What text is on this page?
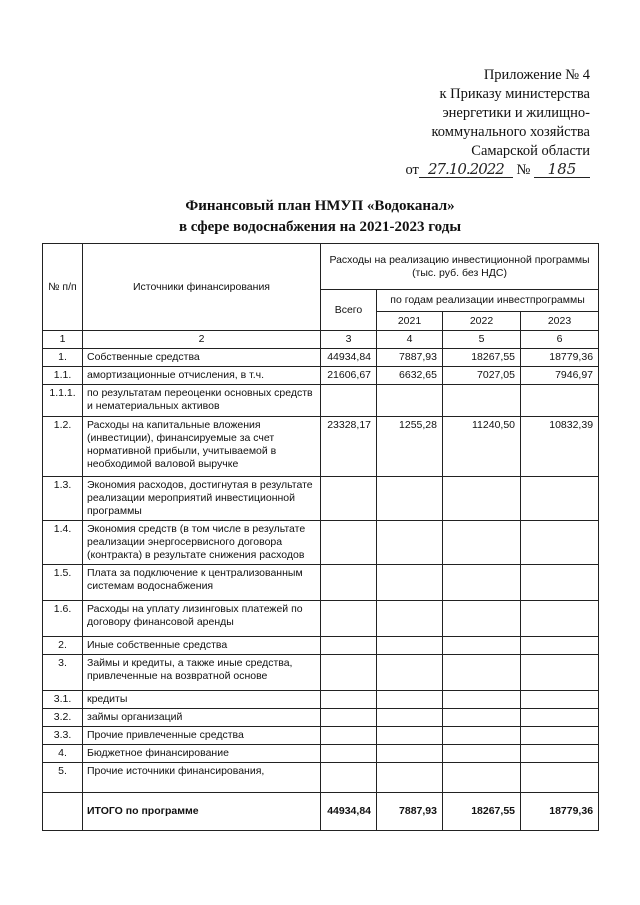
Приложение № 4
к Приказу министерства
энергетики и жилищно-
коммунального хозяйства
Самарской области
от 27.10.2022 № 185
Финансовый план НМУП «Водоканал»
в сфере водоснабжения на 2021-2023 годы
№ п/п	Источники финансирования	Расходы на реализацию инвестиционной программы (тыс. руб. без НДС)			
		Всего	по годам реализации инвестпрограммы		
			2021	2022	2023
1	2	3	4	5	6
1.	Собственные средства	44934,84	7887,93	18267,55	18779,36
1.1.	амортизационные отчисления, в т.ч.	21606,67	6632,65	7027,05	7946,97
1.1.1.	по результатам переоценки основных средств и нематериальных активов				
1.2.	Расходы на капитальные вложения (инвестиции), финансируемые за счет нормативной прибыли, учитываемой в необходимой валовой выручке	23328,17	1255,28	11240,50	10832,39
1.3.	Экономия расходов, достигнутая в результате реализации мероприятий инвестиционной программы				
1.4.	Экономия средств (в том числе в результате реализации энергосервисного договора (контракта) в результате снижения расходов				
1.5.	Плата за подключение к централизованным системам водоснабжения				
1.6.	Расходы на уплату лизинговых платежей по договору финансовой аренды				
2.	Иные собственные средства				
3.	Займы и кредиты, а также иные средства, привлеченные на возвратной основе				
3.1.	кредиты				
3.2.	займы организаций				
3.3.	Прочие привлеченные средства				
4.	Бюджетное финансирование				
5.	Прочие источники финансирования,				
	ИТОГО по программе	44934,84	7887,93	18267,55	18779,36
